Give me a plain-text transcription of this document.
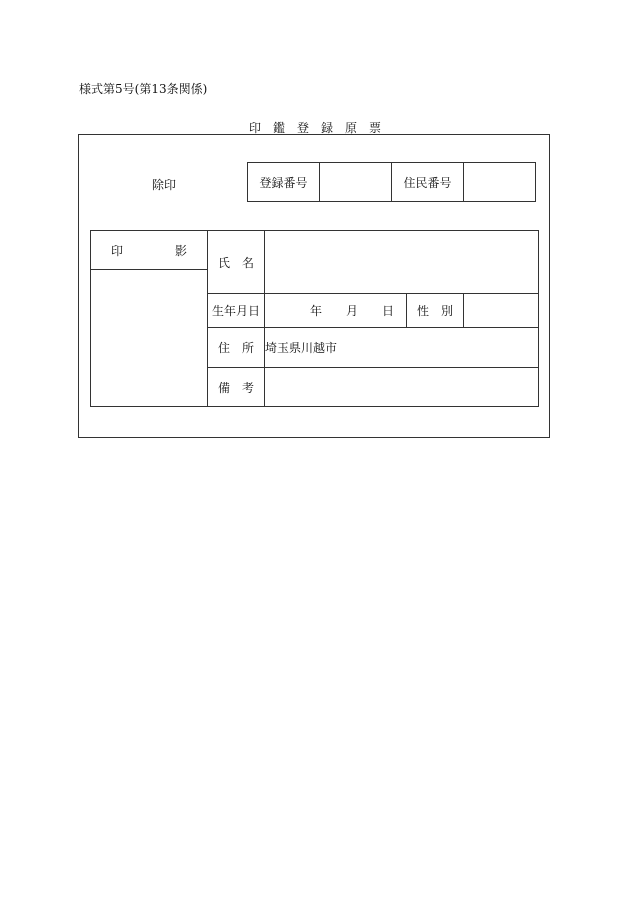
様式第5号(第13条関係)
印 鑑 登 録 原 票
除印	登録番号		住民番号	
印 影	氏 名			

	生年月日	年 月 日	性 別	
	住 所	埼玉県川越市		
	備 考			
